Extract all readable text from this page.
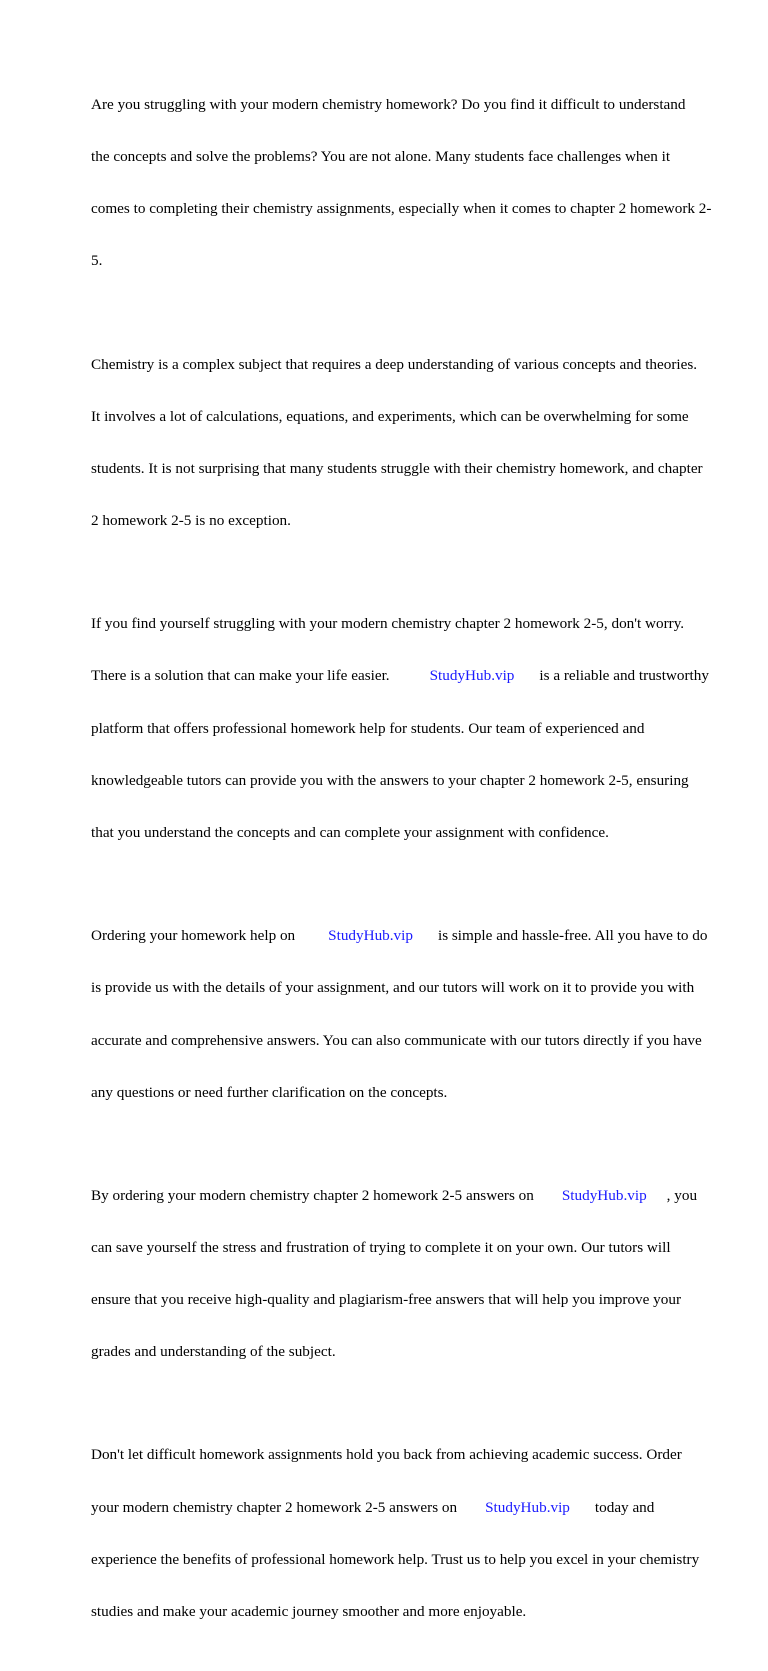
Are you struggling with your modern chemistry homework? Do you find it difficult to understand

the concepts and solve the problems? You are not alone. Many students face challenges when it

comes to completing their chemistry assignments, especially when it comes to chapter 2 homework 2-

5.

Chemistry is a complex subject that requires a deep understanding of various concepts and theories.

It involves a lot of calculations, equations, and experiments, which can be overwhelming for some

students. It is not surprising that many students struggle with their chemistry homework, and chapter

2 homework 2-5 is no exception.

If you find yourself struggling with your modern chemistry chapter 2 homework 2-5, don't worry.

There is a solution that can make your life easier.	StudyHub.vip is a reliable and trustworthy

platform that offers professional homework help for students. Our team of experienced and

knowledgeable tutors can provide you with the answers to your chapter 2 homework 2-5, ensuring

that you understand the concepts and can complete your assignment with confidence.

Ordering your homework help on StudyHub.vip is simple and hassle-free. All you have to do

is provide us with the details of your assignment, and our tutors will work on it to provide you with

accurate and comprehensive answers. You can also communicate with our tutors directly if you have

any questions or need further clarification on the concepts.

By ordering your modern chemistry chapter 2 homework 2-5 answers on StudyHub.vip , you

can save yourself the stress and frustration of trying to complete it on your own. Our tutors will

ensure that you receive high-quality and plagiarism-free answers that will help you improve your

grades and understanding of the subject.

Don't let difficult homework assignments hold you back from achieving academic success. Order

your modern chemistry chapter 2 homework 2-5 answers on StudyHub.vip today and

experience the benefits of professional homework help. Trust us to help you excel in your chemistry

studies and make your academic journey smoother and more enjoyable.
